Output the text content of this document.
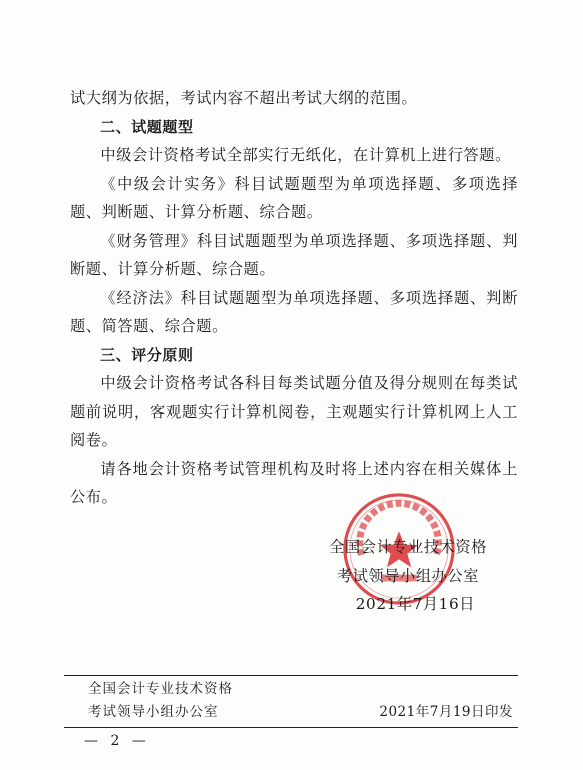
试大纲为依据，考试内容不超出考试大纲的范围。

二、试题题型

中级会计资格考试全部实行无纸化，在计算机上进行答题。

《中级会计实务》科目试题题型为单项选择题、多项选择题、判断题、计算分析题、综合题。

《财务管理》科目试题题型为单项选择题、多项选择题、判断题、计算分析题、综合题。

《经济法》科目试题题型为单项选择题、多项选择题、判断题、简答题、综合题。

三、评分原则

中级会计资格考试各科目每类试题分值及得分规则在每类试题前说明，客观题实行计算机阅卷，主观题实行计算机网上人工阅卷。

请各地会计资格考试管理机构及时将上述内容在相关媒体上公布。

全国会计专业技术资格
考试领导小组办公室
2021年7月16日
全国会计专业技术资格
考试领导小组办公室	2021年7月19日印发
— 2 —
